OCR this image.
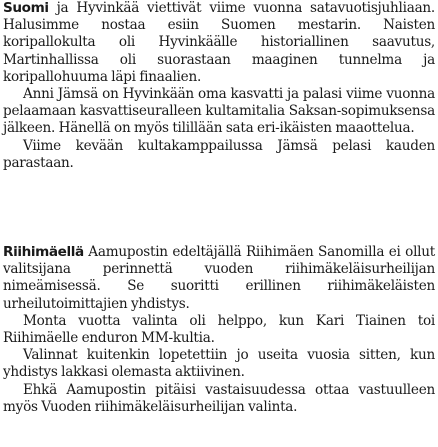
Suomi ja Hyvinkää viettivät viime vuonna satavuotisjuhliaan. Halusimme nostaa esiin Suomen mestarin. Naisten koripallokulta oli Hyvinkäälle historiallinen saavutus, Martinhallissa oli suorastaan maaginen tunnelma ja koripallohuuma läpi finaalien.

Anni Jämsä on Hyvinkään oma kasvatti ja palasi viime vuonna pelaamaan kasvattiseuralleen kultamitalia Saksan-sopimuksensa jälkeen. Hänellä on myös tilillään sata eri-ikäisten maaottelua.

Viime kevään kultakamppailussa Jämsä pelasi kauden parastaan.

Riihimäellä Aamupostin edeltäjällä Riihimäen Sanomilla ei ollut valitsijana perinnettä vuoden riihimäkeläisurheilijan nimeämisessä. Se suoritti erillinen riihimäkeläisten urheilutoimittajien yhdistys.

Monta vuotta valinta oli helppo, kun Kari Tiainen toi Riihimäelle enduron MM-kultia.

Valinnat kuitenkin lopetettiin jo useita vuosia sitten, kun yhdistys lakkasi olemasta aktiivinen.

Ehkä Aamupostin pitäisi vastaisuudessa ottaa vastuulleen myös Vuoden riihimäkeläisurheilijan valinta.
